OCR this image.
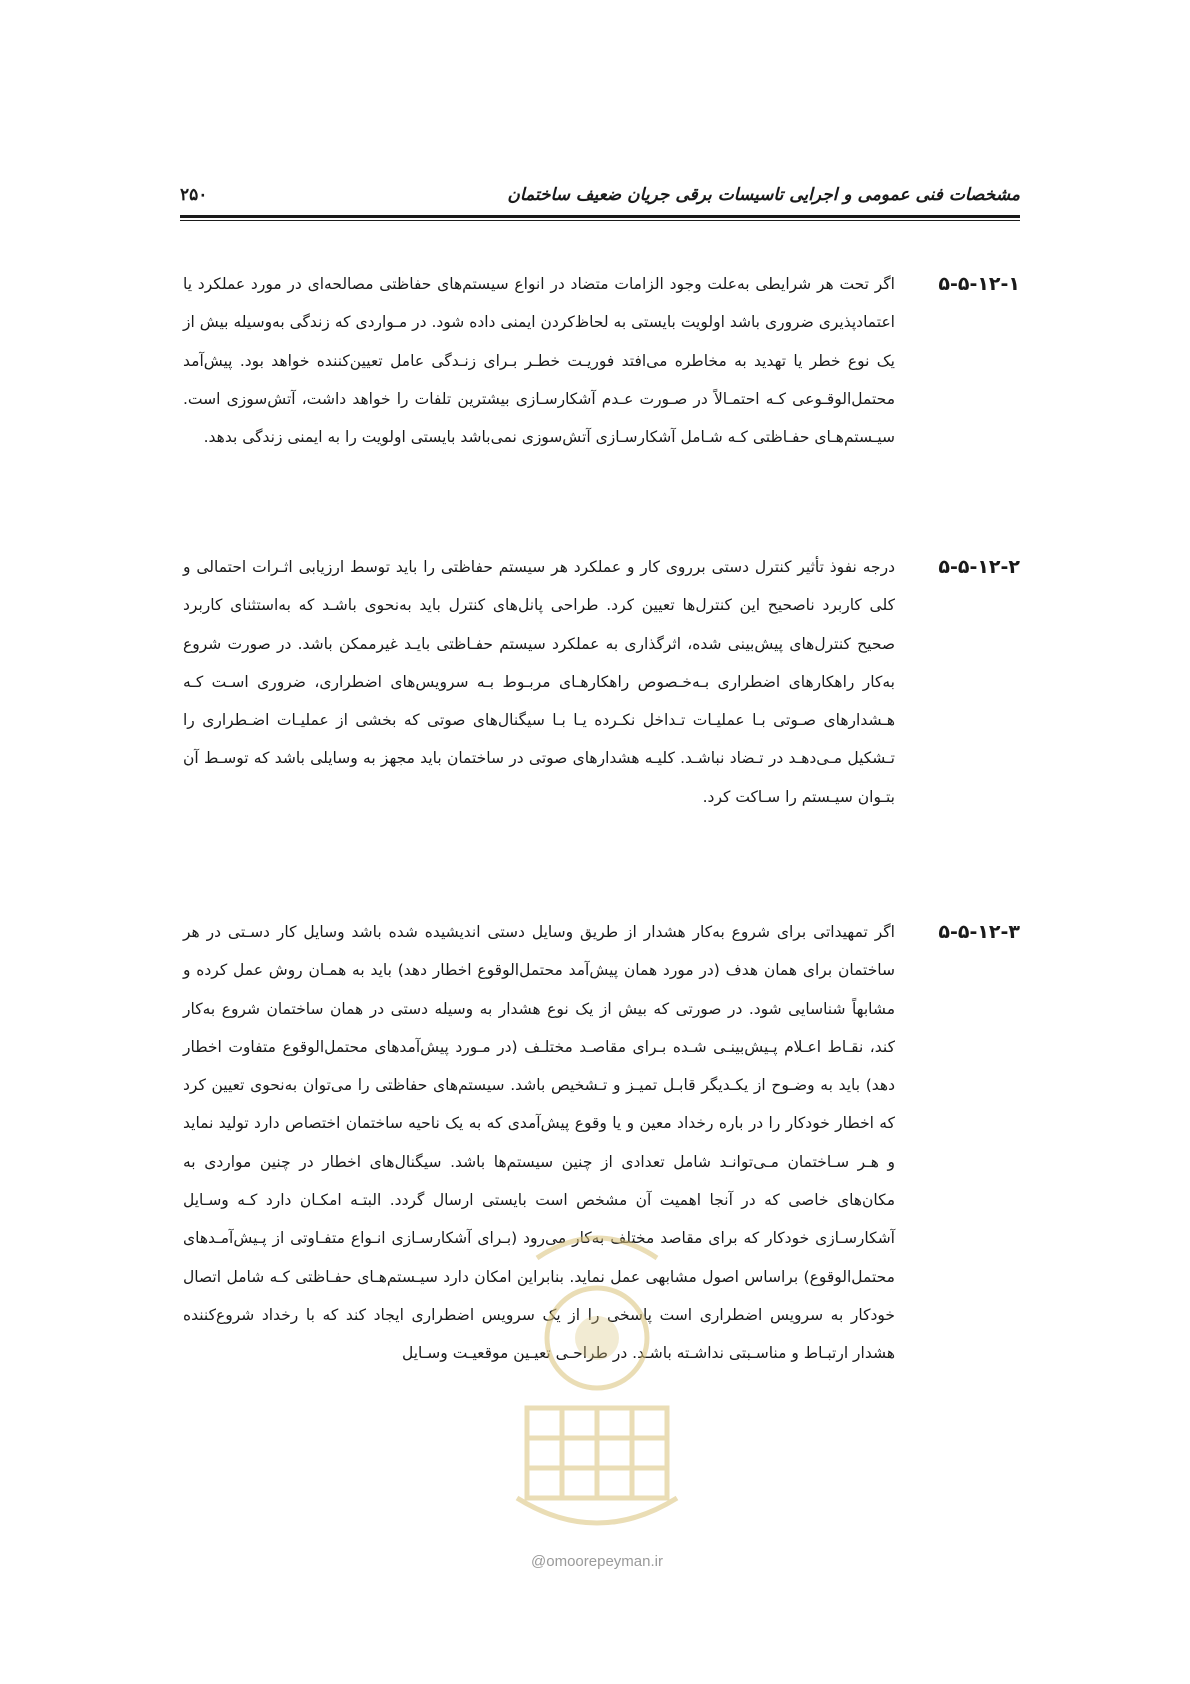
مشخصات فنی عمومی و اجرایی تاسیسات برقی جریان ضعیف ساختمان
۲۵۰
۵-۵-۱۲-۱
اگر تحت هر شرایطی به‌علت وجود الزامات متضاد در انواع سیستم‌های حفاظتی مصالحه‌ای در مورد عملکرد یا اعتمادپذیری ضروری باشد اولویت بایستی به لحاظ‌کردن ایمنی داده شود. در مـواردی که زندگی به‌وسیله بیش از یک نوع خطر یا تهدید به مخاطره می‌افتد فوریـت خطـر بـرای زنـدگی عامل تعیین‌کننده خواهد بود. پیش‌آمد محتمل‌الوقـوعی کـه احتمـالاً در صـورت عـدم آشکارسـازی بیشترین تلفات را خواهد داشت، آتش‌سوزی است. سیـستم‌هـای حفـاظتی کـه شـامل آشکارسـازی آتش‌سوزی نمی‌باشد بایستی اولویت را به ایمنی زندگی بدهد.
۵-۵-۱۲-۲
درجه نفوذ تأثیر کنترل دستی برروی کار و عملکرد هر سیستم حفاظتی را باید توسط ارزیابی اثـرات احتمالی و کلی کاربرد ناصحیح این کنترل‌ها تعیین کرد. طراحی پانل‌های کنترل باید به‌نحوی باشـد که به‌استثنای کاربرد صحیح کنترل‌های پیش‌بینی شده، اثرگذاری به عملکرد سیستم حفـاظتی بایـد غیرممکن باشد. در صورت شروع به‌کار راهکارهای اضطراری بـه‌خـصوص راهکارهـای مربـوط بـه سرویس‌های اضطراری، ضروری اسـت کـه هـشدارهای صـوتی بـا عملیـات تـداخل نکـرده یـا بـا سیگنال‌های صوتی که بخشی از عملیـات اضـطراری را تـشکیل مـی‌دهـد در تـضاد نباشـد. کلیـه هشدارهای صوتی در ساختمان باید مجهز به وسایلی باشد که توسـط آن بتـوان سیـستم را سـاکت کرد.
۵-۵-۱۲-۳
اگر تمهیداتی برای شروع به‌کار هشدار از طریق وسایل دستی اندیشیده شده باشد وسایل کار دسـتی در هر ساختمان برای همان هدف (در مورد همان پیش‌آمد محتمل‌الوقوع اخطار دهد) باید به همـان روش عمل کرده و مشابهاً شناسایی شود. در صورتی که بیش از یک نوع هشدار به وسیله دستی در همان ساختمان شروع به‌کار کند، نقـاط اعـلام پـیش‌بینـی شـده بـرای مقاصـد مختلـف (در مـورد پیش‌آمدهای محتمل‌الوقوع متفاوت اخطار دهد) باید به وضـوح از یکـدیگر قابـل تمیـز و تـشخیص باشد. سیستم‌های حفاظتی را می‌توان به‌نحوی تعیین کرد که اخطار خودکار را در باره رخداد معین و یا وقوع پیش‌آمدی که به یک ناحیه ساختمان اختصاص دارد تولید نماید و هـر سـاختمان مـی‌توانـد شامل تعدادی از چنین سیستم‌ها باشد. سیگنال‌های اخطار در چنین مواردی به مکان‌های خاصی که در آنجا اهمیت آن مشخص است بایستی ارسال گردد. البتـه امکـان دارد کـه وسـایل آشکارسـازی خودکار که برای مقاصد مختلف به‌کار می‌رود (بـرای آشکارسـازی انـواع متفـاوتی از پـیش‌آمـدهای محتمل‌الوقوع) براساس اصول مشابهی عمل نماید. بنابراین امکان دارد سیـستم‌هـای حفـاظتی کـه شامل اتصال خودکار به سرویس اضطراری است پاسخی را از یک سرویس اضطراری ایجاد کند که با رخداد شروع‌کننده هشدار ارتبـاط و مناسـبتی نداشـته باشـد. در طراحـی تعیـین موقعیـت وسـایل
@omoorepeyman.ir
